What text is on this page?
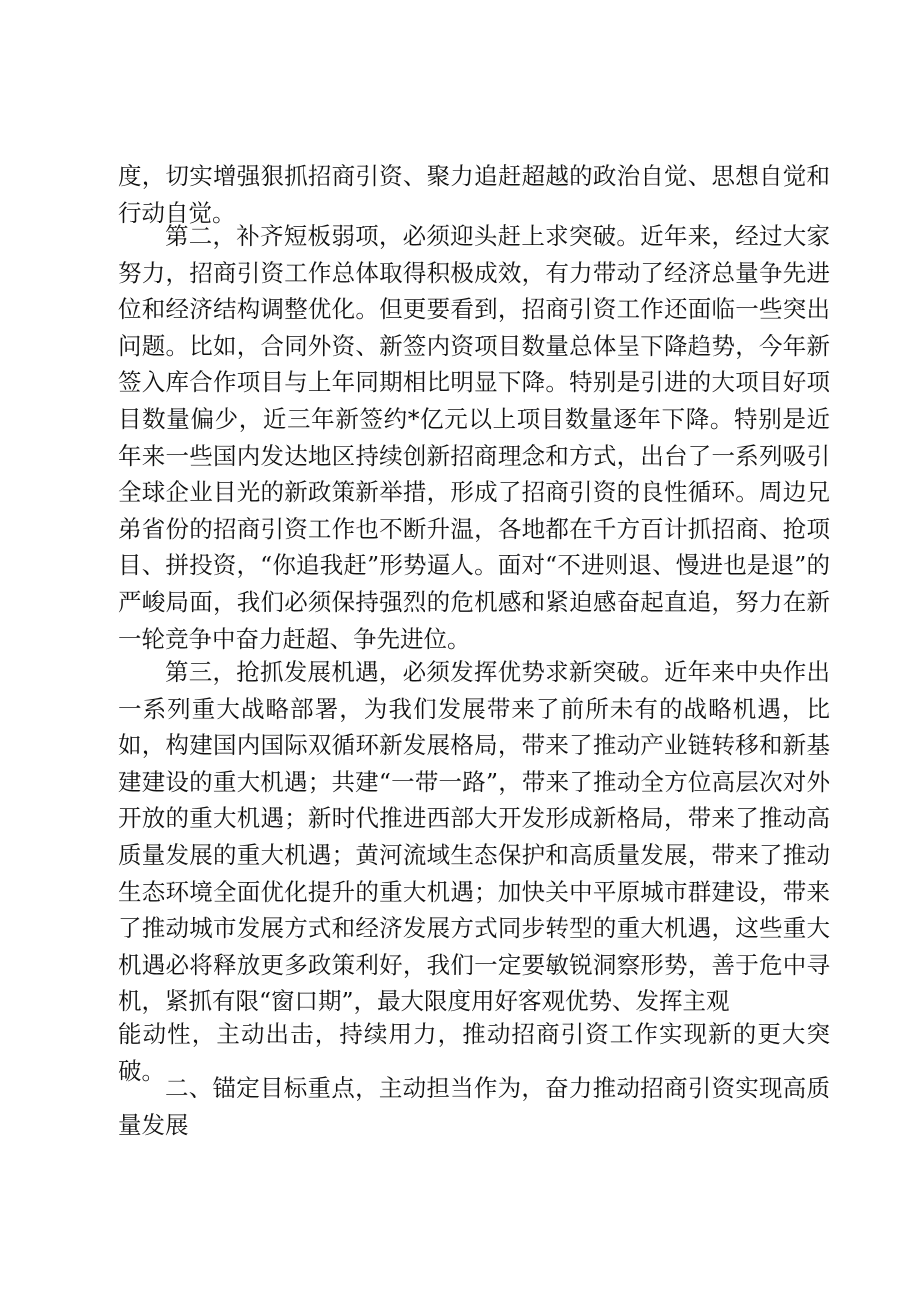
度，切实增强狠抓招商引资、聚力追赶超越的政治自觉、思想自觉和行动自觉。

第二，补齐短板弱项，必须迎头赶上求突破。近年来，经过大家努力，招商引资工作总体取得积极成效，有力带动了经济总量争先进位和经济结构调整优化。但更要看到，招商引资工作还面临一些突出问题。比如，合同外资、新签内资项目数量总体呈下降趋势，今年新签入库合作项目与上年同期相比明显下降。特别是引进的大项目好项目数量偏少，近三年新签约*亿元以上项目数量逐年下降。特别是近年来一些国内发达地区持续创新招商理念和方式，出台了一系列吸引全球企业目光的新政策新举措，形成了招商引资的良性循环。周边兄弟省份的招商引资工作也不断升温，各地都在千方百计抓招商、抢项目、拼投资，“你追我赶”形势逼人。面对“不进则退、慢进也是退”的严峻局面，我们必须保持强烈的危机感和紧迫感奋起直追，努力在新一轮竞争中奋力赶超、争先进位。

第三，抢抓发展机遇，必须发挥优势求新突破。近年来中央作出一系列重大战略部署，为我们发展带来了前所未有的战略机遇，比如，构建国内国际双循环新发展格局，带来了推动产业链转移和新基建建设的重大机遇；共建“一带一路”，带来了推动全方位高层次对外开放的重大机遇；新时代推进西部大开发形成新格局，带来了推动高质量发展的重大机遇；黄河流域生态保护和高质量发展，带来了推动生态环境全面优化提升的重大机遇；加快关中平原城市群建设，带来了推动城市发展方式和经济发展方式同步转型的重大机遇，这些重大机遇必将释放更多政策利好，我们一定要敏锐洞察形势，善于危中寻机，紧抓有限“窗口期”，最大限度用好客观优势、发挥主观

能动性，主动出击，持续用力，推动招商引资工作实现新的更大突破。

二、锚定目标重点，主动担当作为，奋力推动招商引资实现高质量发展
